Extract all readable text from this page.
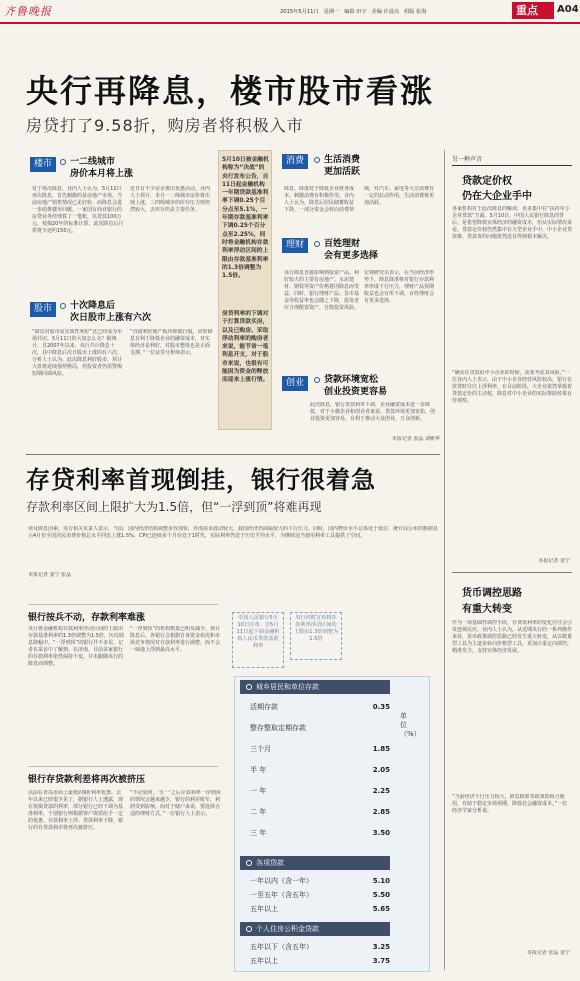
齐鲁晚报	2015年5月11日 星期一 编辑 田宇 美编 许晨亮 组版 张海	重点	A04
央行再降息，楼市股市看涨
房贷打了9.58折，购房者将积极入市
楼市	一二线城市
房价本月将上涨
对于再次降息，业内人士认为，5月11日再次降息，首先刺激的是房地产市场，当前房地产销售情况已见好转，而降息会进一步助推楼市回暖。一家国有商业银行的房贷业务经理算了一笔账，以贷款100万元、按揭20年的标准计算，此次降息后月供将少还约150元。
近日有不少房企推出优惠活动，业内人士预计，本月一二线城市房价将出现上涨，三四线城市的库存压力则仍然较大，去库存仍是主要任务。
股市	十次降息后
次日股市上涨有六次
“降息对股市是实质性利好”这已经成为市场共识。5月11日的大盘怎么走？据统计，自2007年以来，央行共计降息十次，其中降息后次日股市上涨的有六次。分析人士认为，此次降息利好股市，预计大盘将延续强势格局，但投资者仍需警惕短期回调风险。
“直接利好地产板块和银行股，同时降息有利于降低企业的融资成本，对实体经济是利好，对股市整体也是正面支撑。”一位证券分析师表示。
5月10日被金融机构称为“决战”的央行发布公告，自11日起金融机构一年期贷款基准利率下调0.25个百分点至5.1%，一年期存款基准利率下调0.25个百分点至2.25%，同时将金融机构存款利率浮动区间的上限由存款基准利率的1.3倍调整为1.5倍。
房贷利率的下调对于打算贷款买房，以及已购房、采取浮动利率的购房者来说，能节省一笔利息开支，对于股市来说，也很有可能因为资金的释放而迎来上涨行情。
消费	生活消费
更加活跃
降息、降准对于降低企业财务成本、刺激消费有积极作用。业内人士认为，降息后居民储蓄收益下降，一部分资金会转向消费领域，对汽车、家电等大宗消费有一定的拉动作用，生活消费将更加活跃。
理财	百姓理财
会有更多选择
央行降息直接影响到投资产品。利好较大的主要有房地产、水泥建材、钢铁等资产价格将因降息而受益，同时，银行理财产品、货币基金等收益率也会随之下降，投资者应合理配置资产，分散投资风险。
宏观研究员表示，在当前经济形势下，降息降准将对银行存款利率形成下行压力，理财产品预期收益也会有所下调，百姓理财会有更多选择。
创业	贷款环境宽松
创业投资更容易
此次降息，银行贷款利率下调，企业融资成本进一步降低，对于小微企业和创业者来说，贷款环境更加宽松，创业投资更加容易，有利于推动大众创业、万众创新。
本报记者 张晶 刘彬华
另一种声音
贷款定价权
仍在大企业手中
各家机构对于此次降息的解读，更多集中在“扶持中小企业贷款”方面。5月10日，中国人民银行降息的背后，是希望降低实体经济的融资成本，但从实际情况来看，贷款定价权仍然集中在大型企业手中，中小企业贷款难、贷款贵的问题依然没有得到根本解决。
“确实在贷款给中小企业的时候，需要考虑其风险。”一位业内人士表示，由于中小企业经营风险较高，银行在放贷时往往上浮利率，在目前阶段，大企业依然掌握着贷款定价的主动权，降息对中小企业的实际帮助效果有待观察。
本报记者 姜宁
货币调控思路
有重大转变
作为一项基础性调控手段，存贷款利率的变化往往会引发连锁反应。业内人士认为，从近期央行的一系列操作来看，货币政策调控思路已经发生重大转变，从以数量型工具为主逐步转向价格型工具，更加注重定向调控，精准发力，支持实体经济发展。
“当前经济下行压力较大，降息降准等政策的组合使用，有助于稳定市场预期，降低社会融资成本。”一位经济学家分析说。
本报记者 张晶 姜宁
存贷利率首现倒挂，银行很着急
存款利率区间上限扩大为1.5倍，但“一浮到顶”将难再现
读及降息因素，央行相关负责人表示，当前，国内经济结构调整步伐加快，外部需求波动较大，我国经济仍面临较大的下行压力。同时，国内物价水平总体处于低位，统计局公布的数据显示4月份全国居民消费价格总水平同比上涨1.5%，CPI已连续多个月份处于1时代，实际利率仍处于历史平均水平，为继续适当使用利率工具提供了空间。
本报记者 姜宁 张晶
银行按兵不动，存款利率难涨
央行将金融机构存款利率浮动区间的上限由存款基准利率的1.3倍调整为1.5倍，历次调息降幅中，“一浮到顶”的银行并不多见。记者在采访中了解到，在济南，目前多家银行的存款利率依然保持不变，并未跟随央行的降息而调整。
“一浮到顶”的机构数量已明显减少，预计降息后，各银行会根据自身资金状况和市场竞争情况对存款利率进行调整，而不会一味地上浮到最高水平。
银行存贷款利差将再次被挤压
以前在青岛市面上最低的9折利率优惠，去年以来已经很少见了，据银行人士透露，现在按揭贷款的利率，部分银行已经下调为基准利率，个别银行则根据客户资质给予一定的优惠。存款利率上浮、贷款利率下降，银行的存贷款利差将再次被挤压。
“不论如何，‘五一’之后存款利率一浮到顶的情况会越来越少，银行的利差收窄，利润受到影响，而对于储户来说，要选择合适的理财方式。”一位银行人士表示。
中国人民银行5月10日宣布，自5月11日起下调金融机构人民币贷款基准利率
央行同时宣布将存款利率浮动区间的上限由1.3倍调整为1.5倍
城乡居民和单位存款
单位（%）
活期存款	0.35
整存整取定期存款
三个月	1.85
半 年	2.05
一 年	2.25
二 年	2.85
三 年	3.50
各项贷款
一年以内（含一年）	5.10
一至五年（含五年）	5.50
五年以上	5.65
个人住房公积金贷款
五年以下（含五年）	3.25
五年以上	3.75
